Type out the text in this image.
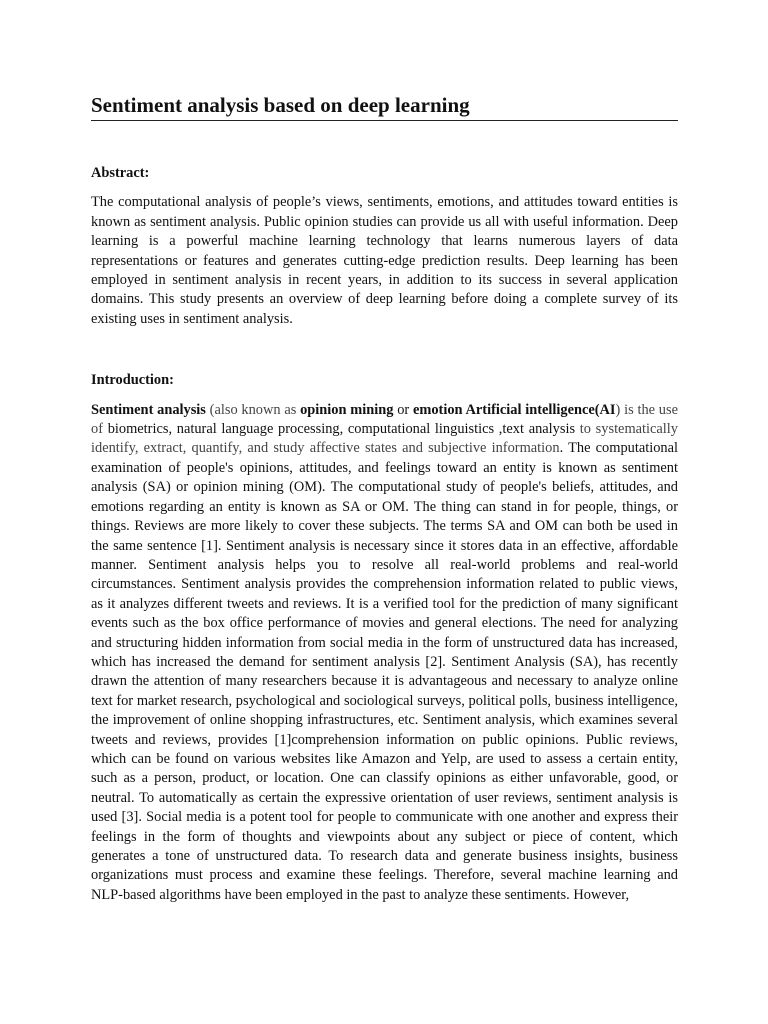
Sentiment analysis based on deep learning

Abstract:

The computational analysis of people’s views, sentiments, emotions, and attitudes toward entities is known as sentiment analysis. Public opinion studies can provide us all with useful information. Deep learning is a powerful machine learning technology that learns numerous layers of data representations or features and generates cutting-edge prediction results. Deep learning has been employed in sentiment analysis in recent years, in addition to its success in several application domains. This study presents an overview of deep learning before doing a complete survey of its existing uses in sentiment analysis.

Introduction:

Sentiment analysis (also known as opinion mining or emotion Artificial intelligence(AI) is the use of biometrics, natural language processing, computational linguistics ,text analysis to systematically identify, extract, quantify, and study affective states and subjective information. The computational examination of people's opinions, attitudes, and feelings toward an entity is known as sentiment analysis (SA) or opinion mining (OM). The computational study of people's beliefs, attitudes, and emotions regarding an entity is known as SA or OM. The thing can stand in for people, things, or things. Reviews are more likely to cover these subjects. The terms SA and OM can both be used in the same sentence [1]. Sentiment analysis is necessary since it stores data in an effective, affordable manner. Sentiment analysis helps you to resolve all real-world problems and real-world circumstances. Sentiment analysis provides the comprehension information related to public views, as it analyzes different tweets and reviews. It is a verified tool for the prediction of many significant events such as the box office performance of movies and general elections. The need for analyzing and structuring hidden information from social media in the form of unstructured data has increased, which has increased the demand for sentiment analysis [2]. Sentiment Analysis (SA), has recently drawn the attention of many researchers because it is advantageous and necessary to analyze online text for market research, psychological and sociological surveys, political polls, business intelligence, the improvement of online shopping infrastructures, etc. Sentiment analysis, which examines several tweets and reviews, provides [1]comprehension information on public opinions. Public reviews, which can be found on various websites like Amazon and Yelp, are used to assess a certain entity, such as a person, product, or location. One can classify opinions as either unfavorable, good, or neutral. To automatically as certain the expressive orientation of user reviews, sentiment analysis is used [3]. Social media is a potent tool for people to communicate with one another and express their feelings in the form of thoughts and viewpoints about any subject or piece of content, which generates a tone of unstructured data. To research data and generate business insights, business organizations must process and examine these feelings. Therefore, several machine learning and NLP-based algorithms have been employed in the past to analyze these sentiments. However,
